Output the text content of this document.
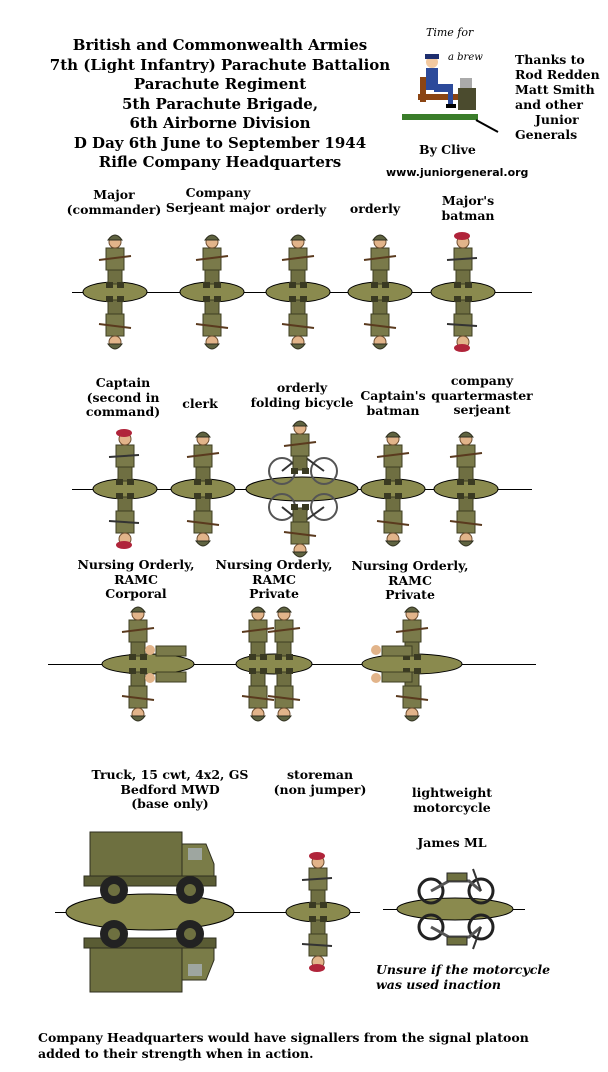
British and Commonwealth Armies
7th (Light Infantry) Parachute Battalion
Parachute Regiment
5th Parachute Brigade,
6th Airborne Division
D Day 6th June to September 1944
Rifle Company Headquarters
Time for
a brew	Thanks to
Rod Redden
Matt Smith
and other
Junior
Generals
By Clive
www.juniorgeneral.org
Major
(commander)
Company
Serjeant major orderly	orderly
Major's
batman
Captain
(second in
command)
clerk
orderly
folding bicycle Captain's
batman
company
quartermaster
serjeant
Nursing Orderly,
RAMC
Corporal
Nursing Orderly,
RAMC
Private
Nursing Orderly,
RAMC
Private
Truck, 15 cwt, 4x2, GS
Bedford MWD
(base only)
storeman
(non jumper)	lightweight
motorcycle
James ML
Unsure if the motorcycle
was used inaction
Company Headquarters would have signallers from the signal platoon
added to their strength when in action.
